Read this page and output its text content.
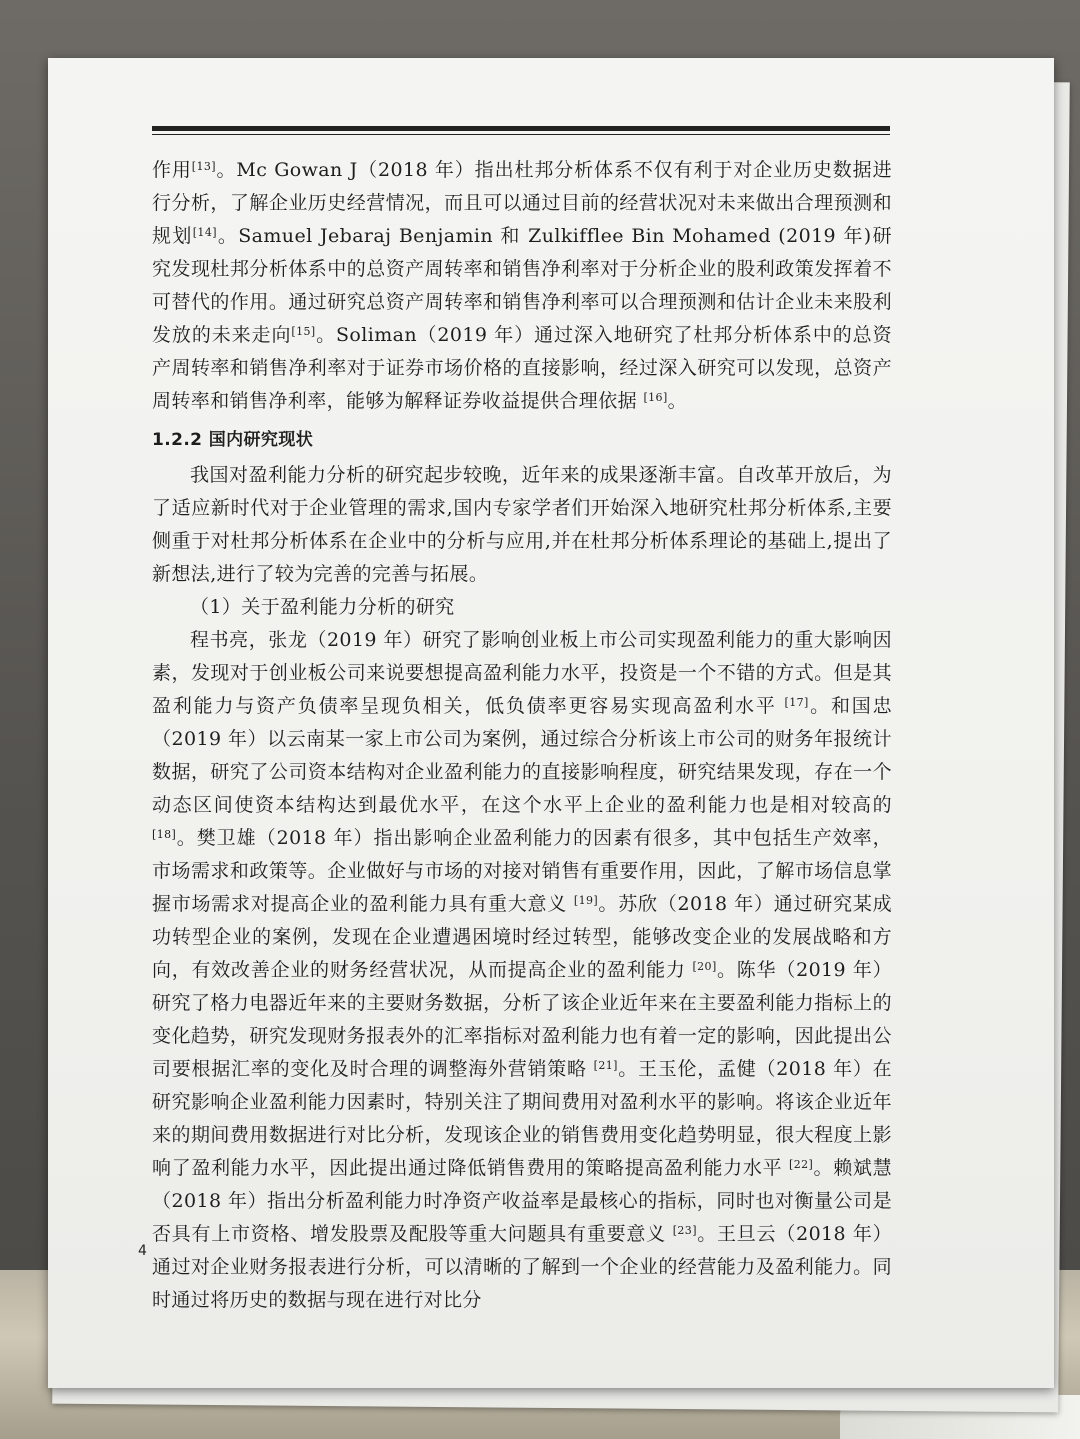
作用[13]。Mc Gowan J（2018 年）指出杜邦分析体系不仅有利于对企业历史数据进行分析，了解企业历史经营情况，而且可以通过目前的经营状况对未来做出合理预测和规划[14]。Samuel Jebaraj Benjamin 和 Zulkifflee Bin Mohamed (2019 年)研究发现杜邦分析体系中的总资产周转率和销售净利率对于分析企业的股利政策发挥着不可替代的作用。通过研究总资产周转率和销售净利率可以合理预测和估计企业未来股利发放的未来走向[15]。Soliman（2019 年）通过深入地研究了杜邦分析体系中的总资产周转率和销售净利率对于证券市场价格的直接影响，经过深入研究可以发现，总资产周转率和销售净利率，能够为解释证券收益提供合理依据 [16]。

1.2.2 国内研究现状

我国对盈利能力分析的研究起步较晚，近年来的成果逐渐丰富。自改革开放后，为了适应新时代对于企业管理的需求,国内专家学者们开始深入地研究杜邦分析体系,主要侧重于对杜邦分析体系在企业中的分析与应用,并在杜邦分析体系理论的基础上,提出了新想法,进行了较为完善的完善与拓展。

（1）关于盈利能力分析的研究

程书亮，张龙（2019 年）研究了影响创业板上市公司实现盈利能力的重大影响因素，发现对于创业板公司来说要想提高盈利能力水平，投资是一个不错的方式。但是其盈利能力与资产负债率呈现负相关，低负债率更容易实现高盈利水平 [17]。和国忠（2019 年）以云南某一家上市公司为案例，通过综合分析该上市公司的财务年报统计数据，研究了公司资本结构对企业盈利能力的直接影响程度，研究结果发现，存在一个动态区间使资本结构达到最优水平，在这个水平上企业的盈利能力也是相对较高的 [18]。樊卫雄（2018 年）指出影响企业盈利能力的因素有很多，其中包括生产效率，市场需求和政策等。企业做好与市场的对接对销售有重要作用，因此，了解市场信息掌握市场需求对提高企业的盈利能力具有重大意义 [19]。苏欣（2018 年）通过研究某成功转型企业的案例，发现在企业遭遇困境时经过转型，能够改变企业的发展战略和方向，有效改善企业的财务经营状况，从而提高企业的盈利能力 [20]。陈华（2019 年）研究了格力电器近年来的主要财务数据，分析了该企业近年来在主要盈利能力指标上的变化趋势，研究发现财务报表外的汇率指标对盈利能力也有着一定的影响，因此提出公司要根据汇率的变化及时合理的调整海外营销策略 [21]。王玉伦，孟健（2018 年）在研究影响企业盈利能力因素时，特别关注了期间费用对盈利水平的影响。将该企业近年来的期间费用数据进行对比分析，发现该企业的销售费用变化趋势明显，很大程度上影响了盈利能力水平，因此提出通过降低销售费用的策略提高盈利能力水平 [22]。赖斌慧（2018 年）指出分析盈利能力时净资产收益率是最核心的指标，同时也对衡量公司是否具有上市资格、增发股票及配股等重大问题具有重要意义 [23]。王旦云（2018 年）通过对企业财务报表进行分析，可以清晰的了解到一个企业的经营能力及盈利能力。同时通过将历史的数据与现在进行对比分

4
